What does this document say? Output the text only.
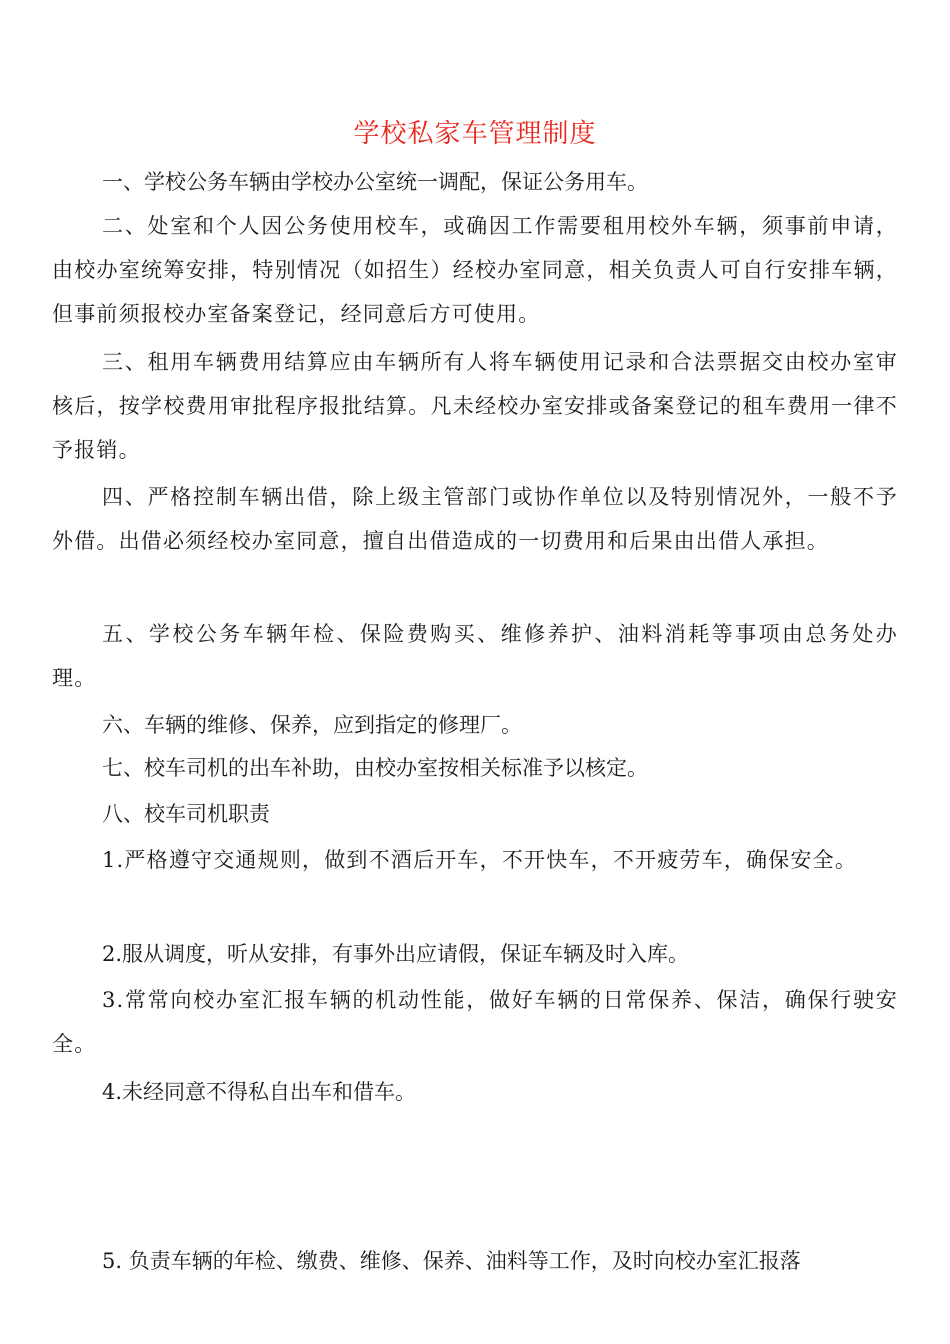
学校私家车管理制度

一、学校公务车辆由学校办公室统一调配，保证公务用车。

二、处室和个人因公务使用校车，或确因工作需要租用校外车辆，须事前申请，由校办室统筹安排，特别情况（如招生）经校办室同意，相关负责人可自行安排车辆，但事前须报校办室备案登记，经同意后方可使用。

三、租用车辆费用结算应由车辆所有人将车辆使用记录和合法票据交由校办室审核后，按学校费用审批程序报批结算。凡未经校办室安排或备案登记的租车费用一律不予报销。

四、严格控制车辆出借，除上级主管部门或协作单位以及特别情况外，一般不予外借。出借必须经校办室同意，擅自出借造成的一切费用和后果由出借人承担。

五、学校公务车辆年检、保险费购买、维修养护、油料消耗等事项由总务处办理。

六、车辆的维修、保养，应到指定的修理厂。

七、校车司机的出车补助，由校办室按相关标准予以核定。

八、校车司机职责

1.严格遵守交通规则，做到不酒后开车，不开快车，不开疲劳车，确保安全。

2.服从调度，听从安排，有事外出应请假，保证车辆及时入库。

3.常常向校办室汇报车辆的机动性能，做好车辆的日常保养、保洁，确保行驶安全。

4.未经同意不得私自出车和借车。

5. 负责车辆的年检、缴费、维修、保养、油料等工作，及时向校办室汇报落
